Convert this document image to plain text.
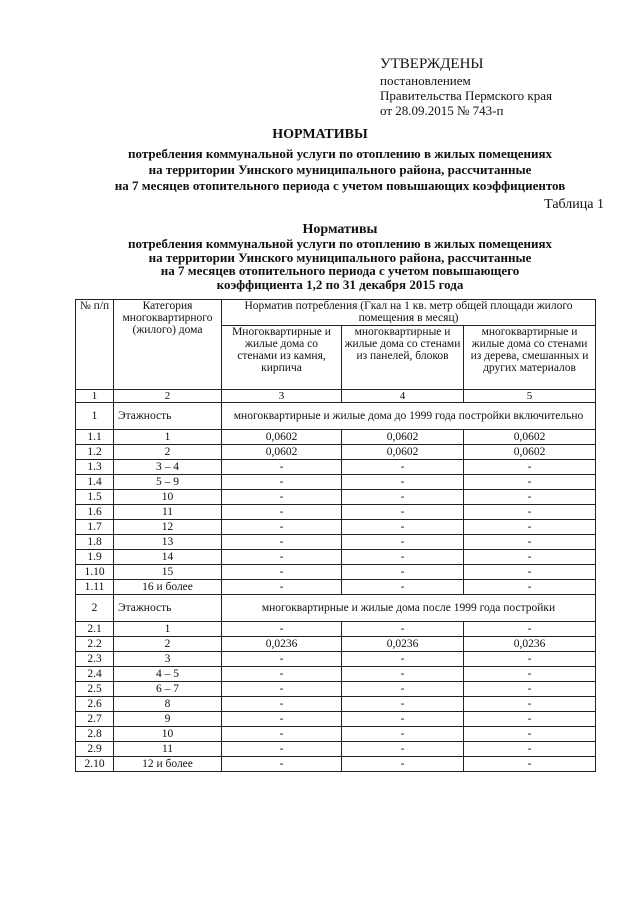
УТВЕРЖДЕНЫ
постановлением
Правительства Пермского края
от 28.09.2015 № 743-п
НОРМАТИВЫ
потребления коммунальной услуги по отоплению в жилых помещениях
на территории Уинского муниципального района, рассчитанные
на 7 месяцев отопительного периода с учетом повышающих коэффициентов
Таблица 1
Нормативы
потребления коммунальной услуги по отоплению в жилых помещениях
на территории Уинского муниципального района, рассчитанные
на 7 месяцев отопительного периода с учетом повышающего
коэффициента 1,2 по 31 декабря 2015 года
№ п/п	Категория многоквартирного (жилого) дома	Норматив потребления (Гкал на 1 кв. метр общей площади жилого помещения в месяц)		
		Многоквартирные и жилые дома со стенами из камня, кирпича	многоквартирные и жилые дома со стенами из панелей, блоков	многоквартирные и жилые дома со стенами из дерева, смешанных и других материалов
1	2	3	4	5
1	Этажность	многоквартирные и жилые дома до 1999 года постройки включительно		
1.1	1	0,0602	0,0602	0,0602
1.2	2	0,0602	0,0602	0,0602
1.3	3 – 4	-	-	-
1.4	5 – 9	-	-	-
1.5	10	-	-	-
1.6	11	-	-	-
1.7	12	-	-	-
1.8	13	-	-	-
1.9	14	-	-	-
1.10	15	-	-	-
1.11	16 и более	-	-	-
2	Этажность	многоквартирные и жилые дома после 1999 года постройки		
2.1	1	-	-	-
2.2	2	0,0236	0,0236	0,0236
2.3	3	-	-	-
2.4	4 – 5	-	-	-
2.5	6 – 7	-	-	-
2.6	8	-	-	-
2.7	9	-	-	-
2.8	10	-	-	-
2.9	11	-	-	-
2.10	12 и более	-	-	-
